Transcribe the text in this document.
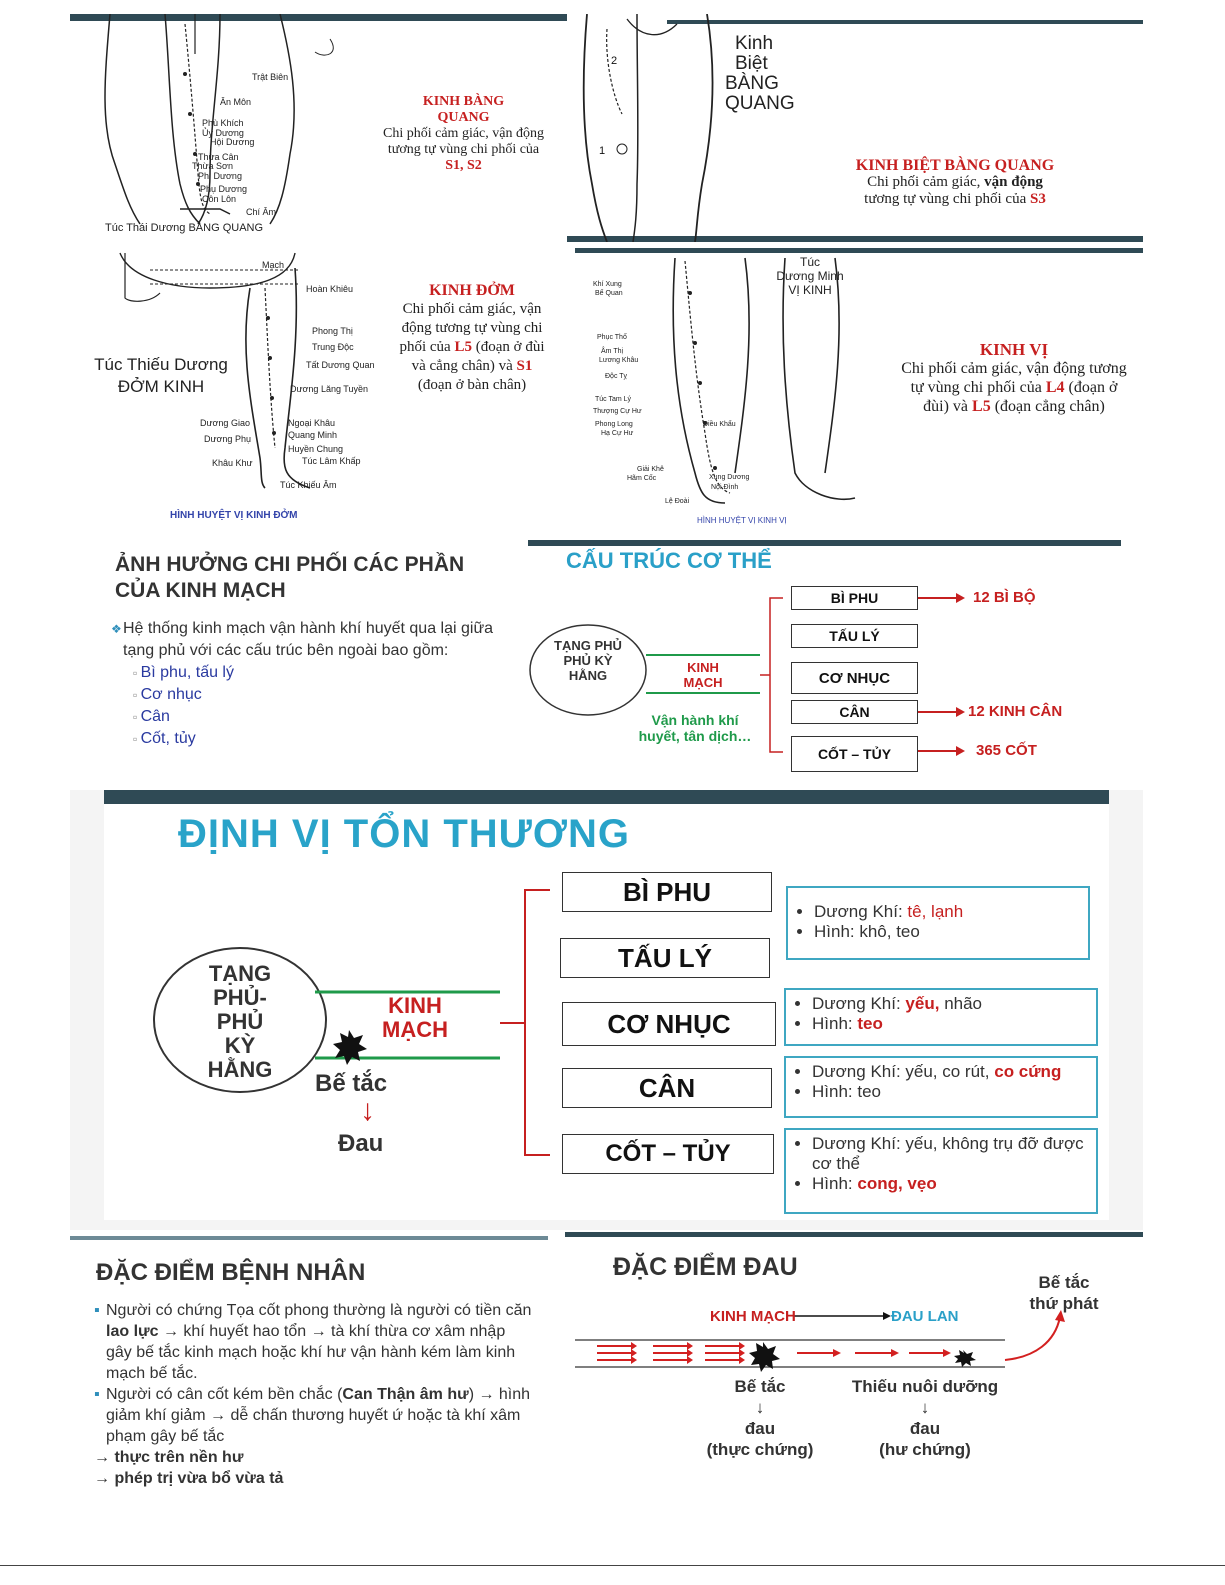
Trật Biên
Ân Môn
Phù Khích
Ủy Dương
Hội Dương
Thừa Cân
Thừa Sơn
Phi Dương
Phụ Dương
Côn Lôn
Chí Âm
Túc Thái Dương BÀNG QUANG
KINH BÀNG
QUANG
Chi phối cảm giác, vận động tương tự vùng chi phối của
S1, S2
2
1
Kinh
Biệt
BÀNG
QUANG
KINH BIỆT BÀNG QUANG
Chi phối cảm giác, vận động
tương tự vùng chi phối của S3
Mạch
Hoàn Khiêu
Phong Thị
Trung Độc
Tất Dương Quan
Dương Lăng Tuyền
Dương Giao	Ngoại Khâu
Dương Phụ	Quang Minh
Huyền Chung
Khâu Khư	Túc Lâm Khấp
Túc Khiếu Âm
Túc Thiếu Dương
ĐỞM KINH
HÌNH HUYỆT VỊ KINH ĐỞM
KINH ĐỞM
Chi phối cảm giác, vận động tương tự vùng chi phối của L5 (đoạn ở đùi và cẳng chân) và S1 (đoạn ở bàn chân)
Khí Xung
Bể Quan
Phục Thố
Âm Thị
Lương Khâu
Độc Tỵ
Túc Tam Lý
Thượng Cự Hư
Phong Long
Hạ Cự Hư
Điều Khẩu
Giải Khê
Hãm Cốc	Xung Dương
Nội Đình
Lệ Đoài
Túc
Dương Minh
VỊ KINH
HÌNH HUYỆT VỊ KINH VỊ
KINH VỊ
Chi phối cảm giác, vận động tương tự vùng chi phối của L4 (đoạn ở đùi) và L5 (đoạn cẳng chân)
ẢNH HƯỞNG CHI PHỐI CÁC PHẦN
CỦA KINH MẠCH
❖ Hệ thống kinh mạch vận hành khí huyết qua lại giữa tạng phủ với các cấu trúc bên ngoài bao gồm:
▫ Bì phu, tấu lý
▫ Cơ nhục
▫ Cân
▫ Cốt, tủy
CẤU TRÚC CƠ THỂ
TẠNG PHỦ PHỦ KỲ HẰNG
KINH MẠCH
Vận hành khí huyết, tân dịch…
BÌ PHU
TẤU LÝ
CƠ NHỤC
CÂN
CỐT – TỦY
12 BÌ BỘ
12 KINH CÂN
365 CỐT
ĐỊNH VỊ TỔN THƯƠNG
TẠNG
PHỦ-
PHỦ
KỲ
HẰNG
KINH
MẠCH
Bế tắc
↓
Đau
BÌ PHU
TẤU LÝ
CƠ NHỤC
CÂN
CỐT – TỦY
• Dương Khí: tê, lạnh
• Hình: khô, teo
• Dương Khí: yếu, nhão
• Hình: teo
• Dương Khí: yếu, co rút, co cứng
• Hình: teo
• Dương Khí: yếu, không trụ đỡ được cơ thể
• Hình: cong, vẹo
ĐẶC ĐIỂM BỆNH NHÂN
▪ Người có chứng Tọa cốt phong thường là người có tiền căn lao lực → khí huyết hao tổn → tà khí thừa cơ xâm nhập gây bế tắc kinh mạch hoặc khí hư vận hành kém làm kinh mạch bế tắc.
▪ Người có cân cốt kém bền chắc (Can Thận âm hư) → hình giảm khí giảm → dễ chấn thương huyết ứ hoặc tà khí xâm phạm gây bế tắc
→ thực trên nền hư
→ phép trị vừa bổ vừa tả
ĐẶC ĐIỂM ĐAU
KINH MẠCH	ĐAU LAN
Bế tắc thứ phát
Bế tắc
↓
đau
(thực chứng)
Thiếu nuôi dưỡng
↓
đau
(hư chứng)
